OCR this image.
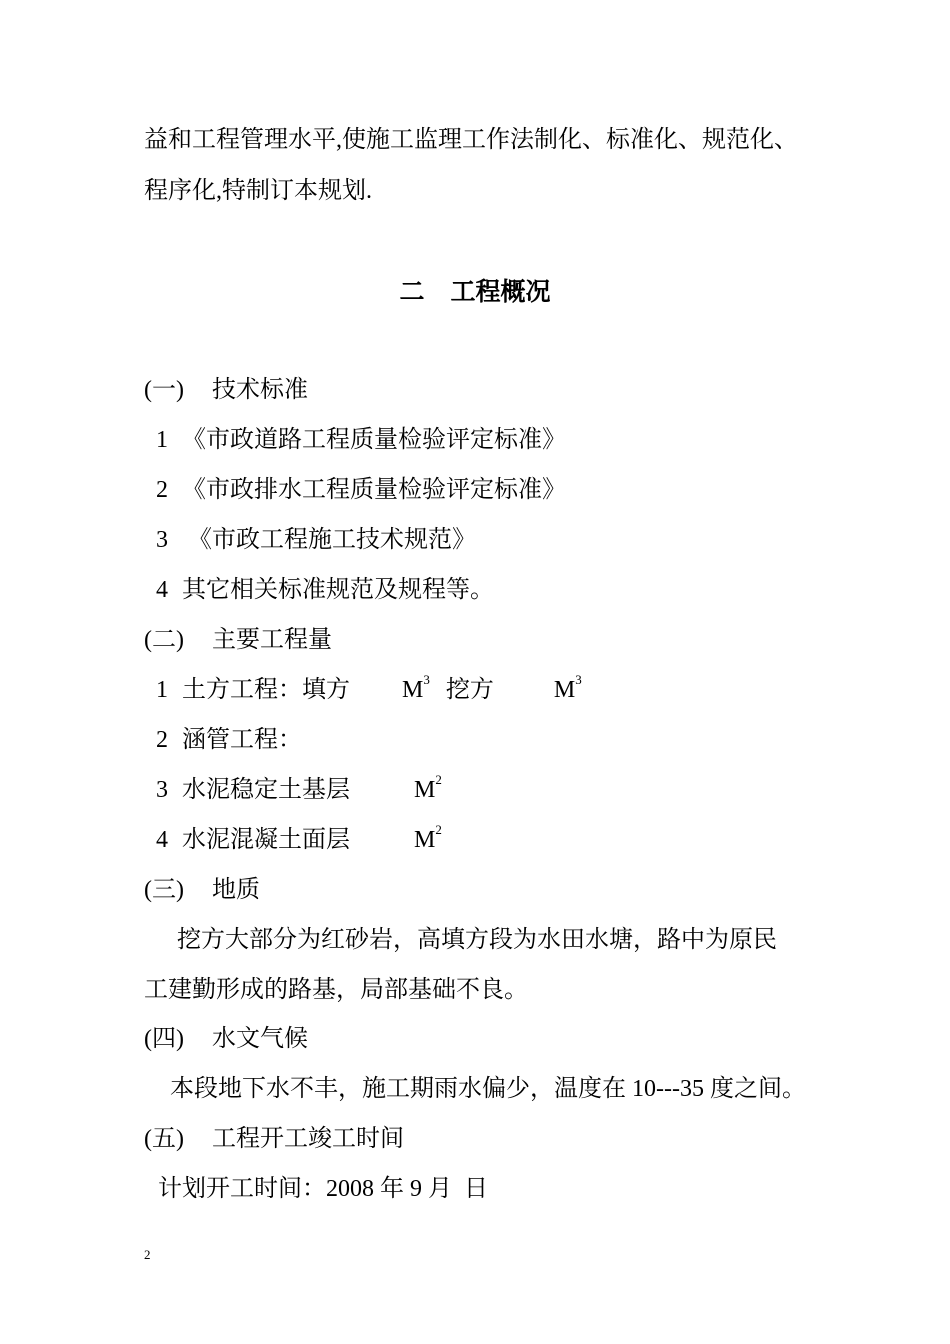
益和工程管理水平,使施工监理工作法制化、标准化、规范化、
程序化,特制订本规划.
二   工程概况
(一) 技术标准
1 《市政道路工程质量检验评定标准》
2 《市政排水工程质量检验评定标准》
3 《市政工程施工技术规范》
4 其它相关标准规范及规程等。
(二) 主要工程量
1 土方工程：填方 $M^3$ 挖方	$M^3$
2 涵管工程：
3 水泥稳定土基层	$M^2$
4 水泥混凝土面层	$M^2$
(三) 地质
挖方大部分为红砂岩，高填方段为水田水塘，路中为原民
工建勤形成的路基，局部基础不良。
(四) 水文气候
本段地下水不丰，施工期雨水偏少，温度在 10---35 度之间。
(五) 工程开工竣工时间
计划开工时间：2008 年 9 月  日
2
